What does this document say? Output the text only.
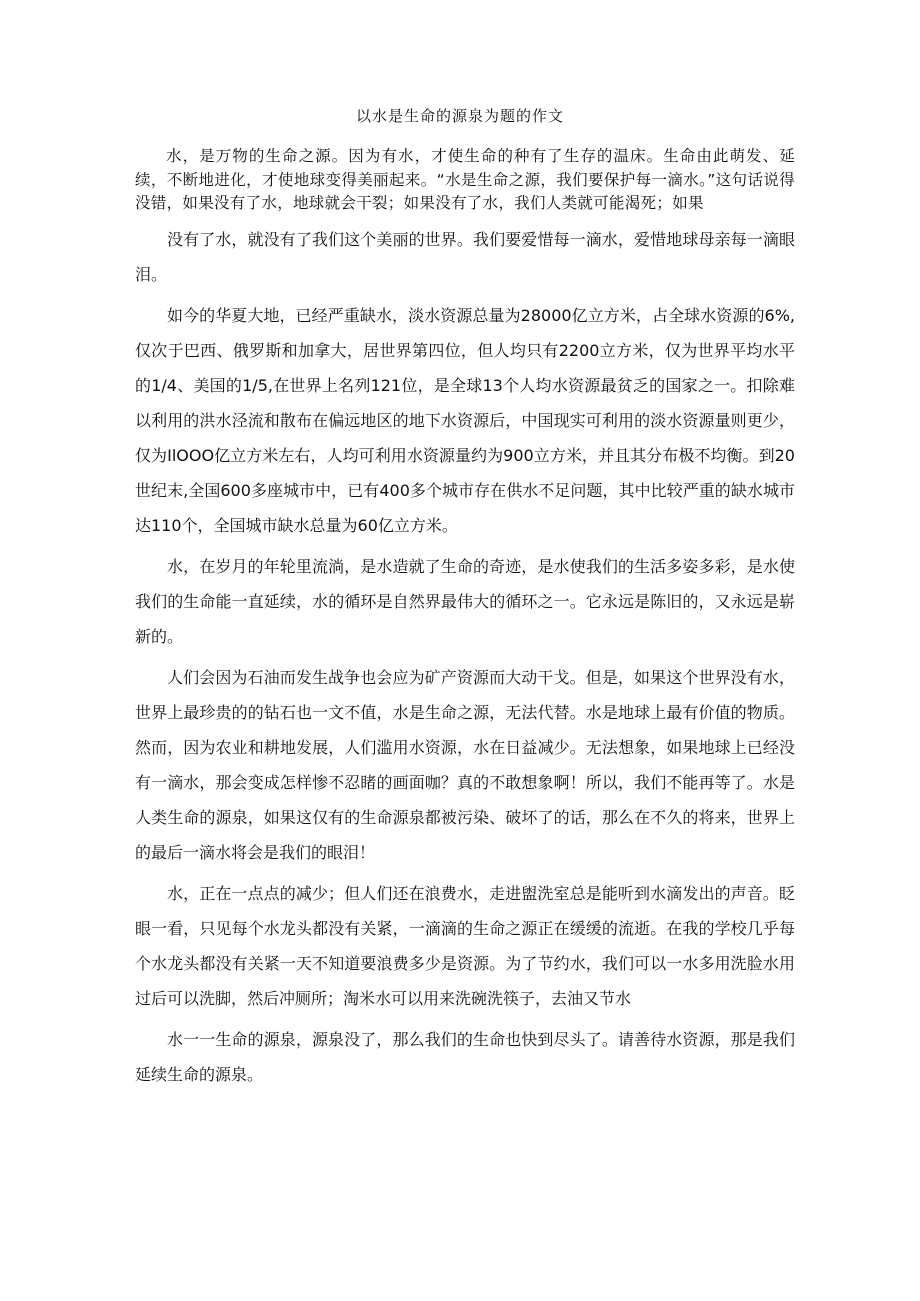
以水是生命的源泉为题的作文

水，是万物的生命之源。因为有水，才使生命的种有了生存的温床。生命由此萌发、延续，不断地进化，才使地球变得美丽起来。“水是生命之源，我们要保护每一滴水。”这句话说得没错，如果没有了水，地球就会干裂；如果没有了水，我们人类就可能渴死；如果

没有了水，就没有了我们这个美丽的世界。我们要爱惜每一滴水，爱惜地球母亲每一滴眼泪。

如今的华夏大地，已经严重缺水，淡水资源总量为28000亿立方米，占全球水资源的6%,仅次于巴西、俄罗斯和加拿大，居世界第四位，但人均只有2200立方米，仅为世界平均水平的1/4、美国的1/5,在世界上名列121位，是全球13个人均水资源最贫乏的国家之一。扣除难以利用的洪水泾流和散布在偏远地区的地下水资源后，中国现实可利用的淡水资源量则更少，仅为IlOOO亿立方米左右，人均可利用水资源量约为900立方米，并且其分布极不均衡。到20世纪末,全国600多座城市中，已有400多个城市存在供水不足问题，其中比较严重的缺水城市达110个，全国城市缺水总量为60亿立方米。

水，在岁月的年轮里流淌，是水造就了生命的奇迹，是水使我们的生活多姿多彩，是水使我们的生命能一直延续，水的循环是自然界最伟大的循环之一。它永远是陈旧的，又永远是崭新的。

人们会因为石油而发生战争也会应为矿产资源而大动干戈。但是，如果这个世界没有水，世界上最珍贵的的钻石也一文不值，水是生命之源，无法代替。水是地球上最有价值的物质。然而，因为农业和耕地发展，人们滥用水资源，水在日益减少。无法想象，如果地球上已经没有一滴水，那会变成怎样惨不忍睹的画面咖？真的不敢想象啊！所以，我们不能再等了。水是人类生命的源泉，如果这仅有的生命源泉都被污染、破坏了的话，那么在不久的将来，世界上的最后一滴水将会是我们的眼泪！

水，正在一点点的减少；但人们还在浪费水，走进盥洗室总是能听到水滴发出的声音。眨眼一看，只见每个水龙头都没有关紧，一滴滴的生命之源正在缓缓的流逝。在我的学校几乎每个水龙头都没有关紧一天不知道要浪费多少是资源。为了节约水，我们可以一水多用洗脸水用过后可以洗脚，然后冲厕所；淘米水可以用来洗碗洗筷子，去油又节水

水一一生命的源泉，源泉没了，那么我们的生命也快到尽头了。请善待水资源，那是我们延续生命的源泉。
